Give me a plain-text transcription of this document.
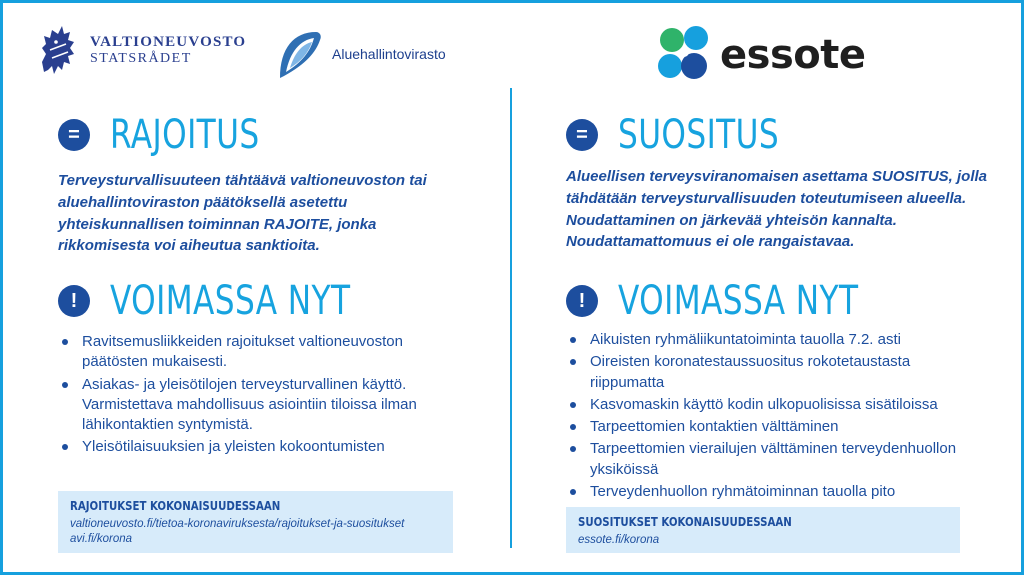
VALTIONEUVOSTO
STATSRÅDET	Aluehallintovirasto	essote
= RAJOITUS
Terveysturvallisuuteen tähtäävä valtioneuvoston tai aluehallintoviraston päätöksellä asetettu yhteiskunnallisen toiminnan RAJOITE, jonka rikkomisesta voi aiheutua sanktioita.
! VOIMASSA NYT
Ravitsemusliikkeiden rajoitukset valtioneuvoston päätösten mukaisesti.
Asiakas- ja yleisötilojen terveysturvallinen käyttö. Varmistettava mahdollisuus asiointiin tiloissa ilman lähikontaktien syntymistä.
Yleisötilaisuuksien ja yleisten kokoontumisten
RAJOITUKSET KOKONAISUUDESSAAN
valtioneuvosto.fi/tietoa-koronaviruksesta/rajoitukset-ja-suositukset
avi.fi/korona
= SUOSITUS
Alueellisen terveysviranomaisen asettama SUOSITUS, jolla tähdätään terveysturvallisuuden toteutumiseen alueella. Noudattaminen on järkevää yhteisön kannalta. Noudattamattomuus ei ole rangaistavaa.
! VOIMASSA NYT
Aikuisten ryhmäliikuntatoiminta tauolla 7.2. asti
Oireisten koronatestaussuositus rokotetaustasta riippumatta
Kasvomaskin käyttö kodin ulkopuolisissa sisätiloissa
Tarpeettomien kontaktien välttäminen
Tarpeettomien vierailujen välttäminen terveydenhuollon yksiköissä
Terveydenhuollon ryhmätoiminnan tauolla pito
SUOSITUKSET KOKONAISUUDESSAAN
essote.fi/korona
